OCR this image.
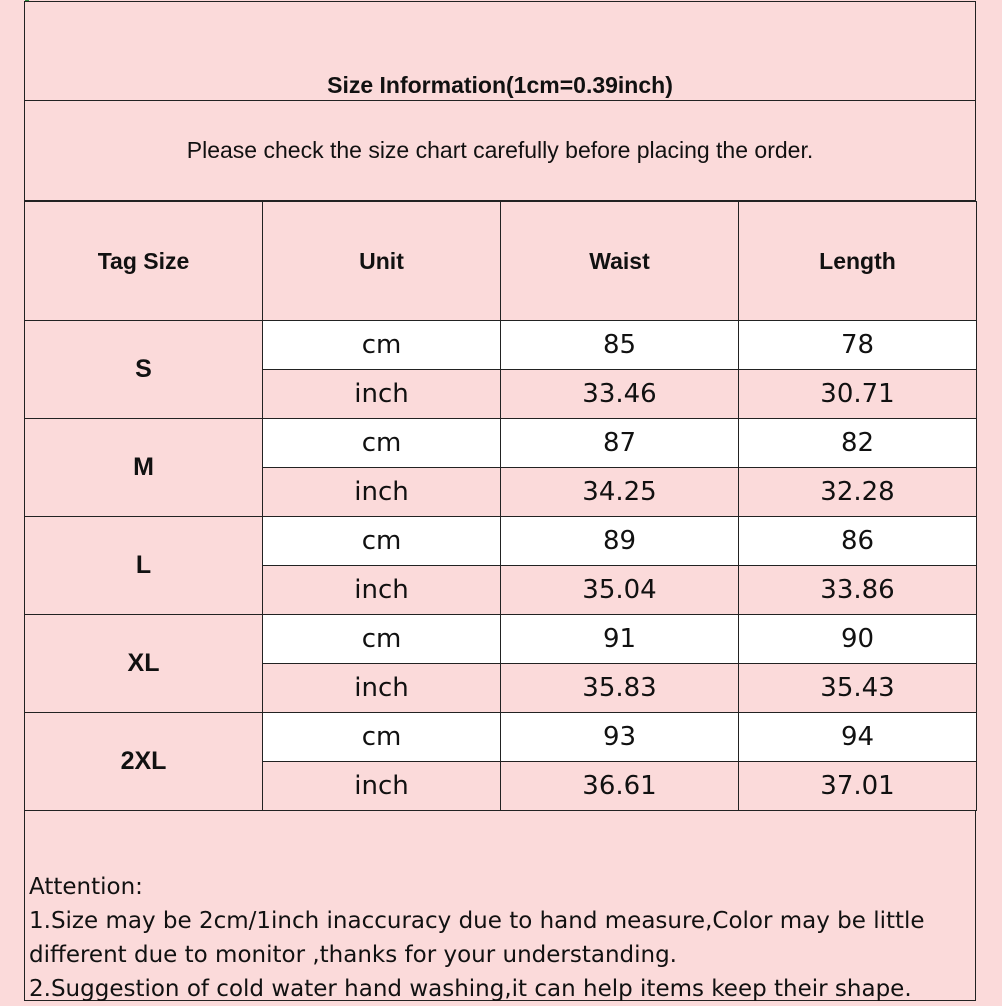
Size Information(1cm=0.39inch)
Please check the size chart carefully before placing the order.
Tag Size	Unit	Waist	Length
S	cm	85	78
	inch	33.46	30.71
M	cm	87	82
	inch	34.25	32.28
L	cm	89	86
	inch	35.04	33.86
XL	cm	91	90
	inch	35.83	35.43
2XL	cm	93	94
	inch	36.61	37.01
Attention:
1.Size may be 2cm/1inch inaccuracy due to hand measure,Color may be little
different due to monitor ,thanks for your understanding.
2.Suggestion of cold water hand washing,it can help items keep their shape.
